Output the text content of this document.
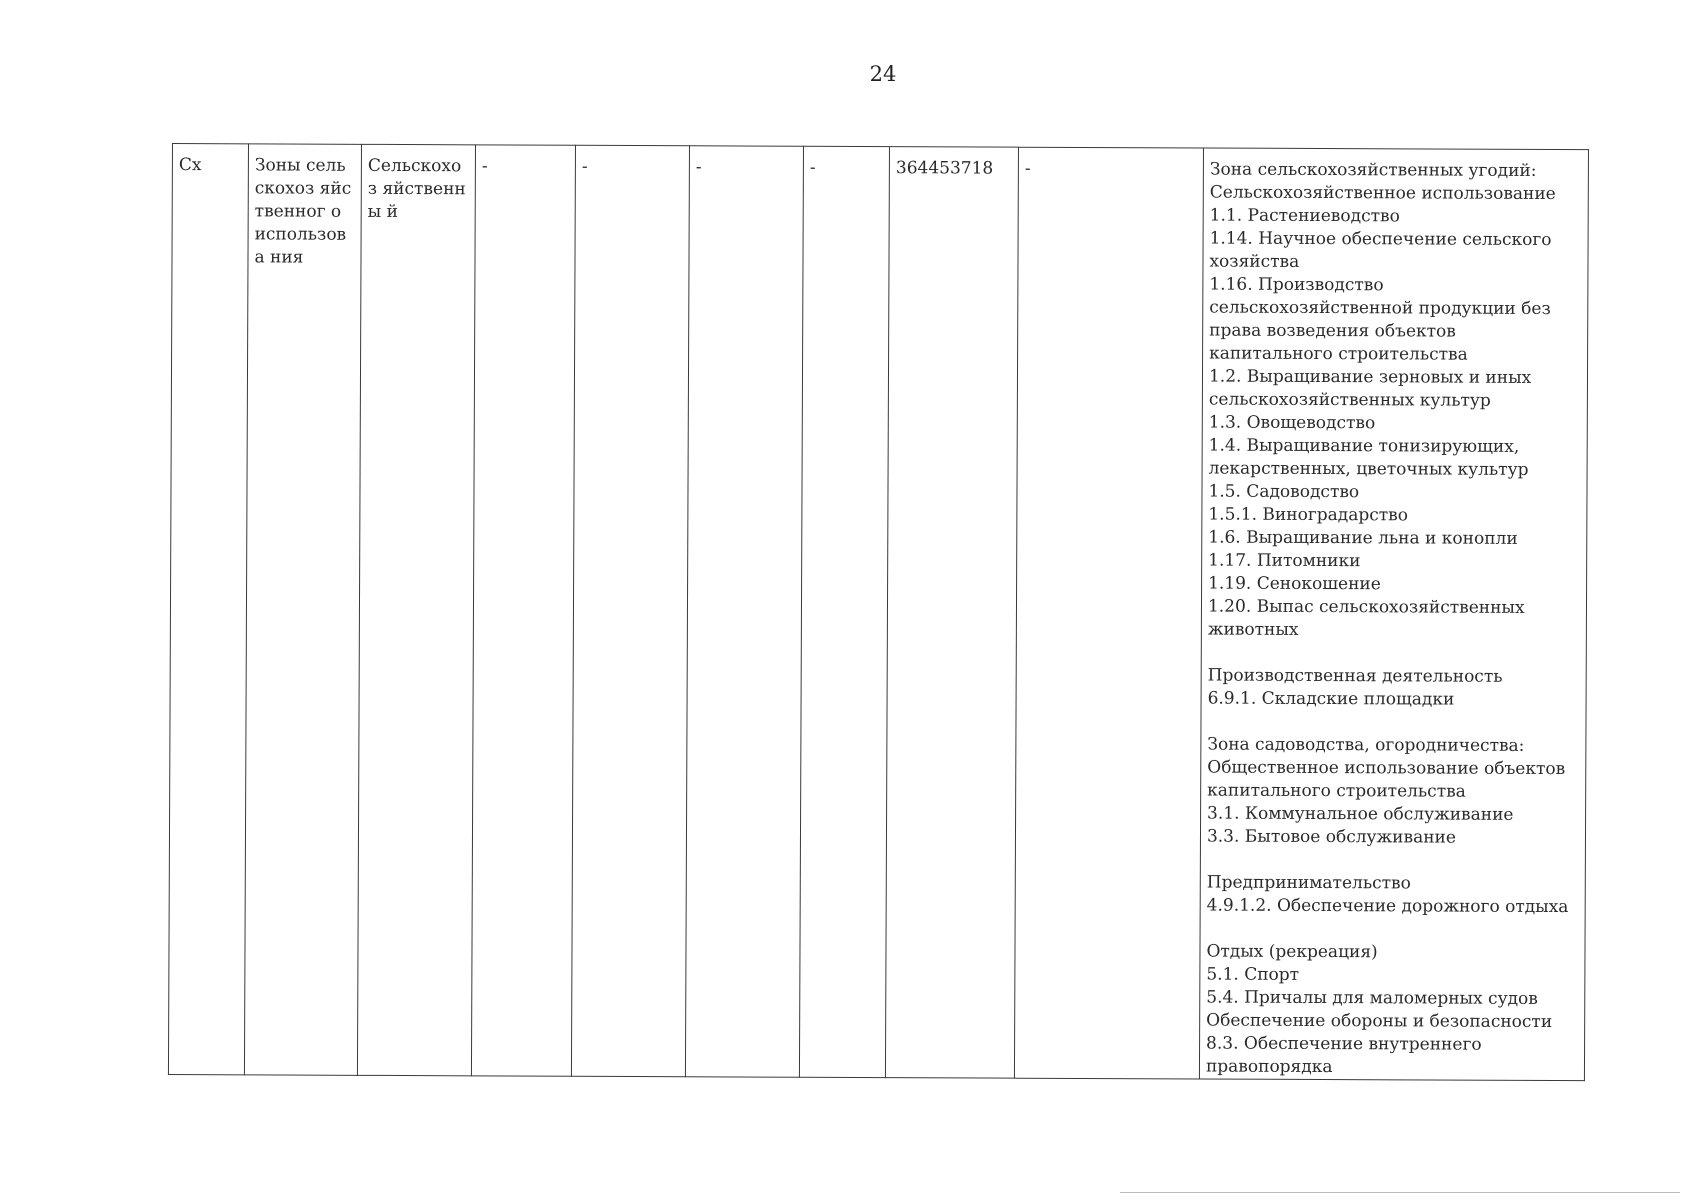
24
Сх	Зоны сельскохоз яйственног о использова ния	Сельскохоз яйственны й	-	-	-	-	364453718	-	Зона сельскохозяйственных угодий:
Сельскохозяйственное использование
1.1. Растениеводство
1.14. Научное обеспечение сельского хозяйства
1.16. Производство сельскохозяйственной продукции без права возведения объектов капитального строительства
1.2. Выращивание зерновых и иных сельскохозяйственных культур
1.3. Овощеводство
1.4. Выращивание тонизирующих, лекарственных, цветочных культур
1.5. Садоводство
1.5.1. Виноградарство
1.6. Выращивание льна и конопли
1.17. Питомники
1.19. Сенокошение
1.20. Выпас сельскохозяйственных животных
Производственная деятельность
6.9.1. Складские площадки
Зона садоводства, огородничества:
Общественное использование объектов капитального строительства
3.1. Коммунальное обслуживание
3.3. Бытовое обслуживание
Предпринимательство
4.9.1.2. Обеспечение дорожного отдыха
Отдых (рекреация)
5.1. Спорт
5.4. Причалы для маломерных судов
Обеспечение обороны и безопасности
8.3. Обеспечение внутреннего правопорядка
